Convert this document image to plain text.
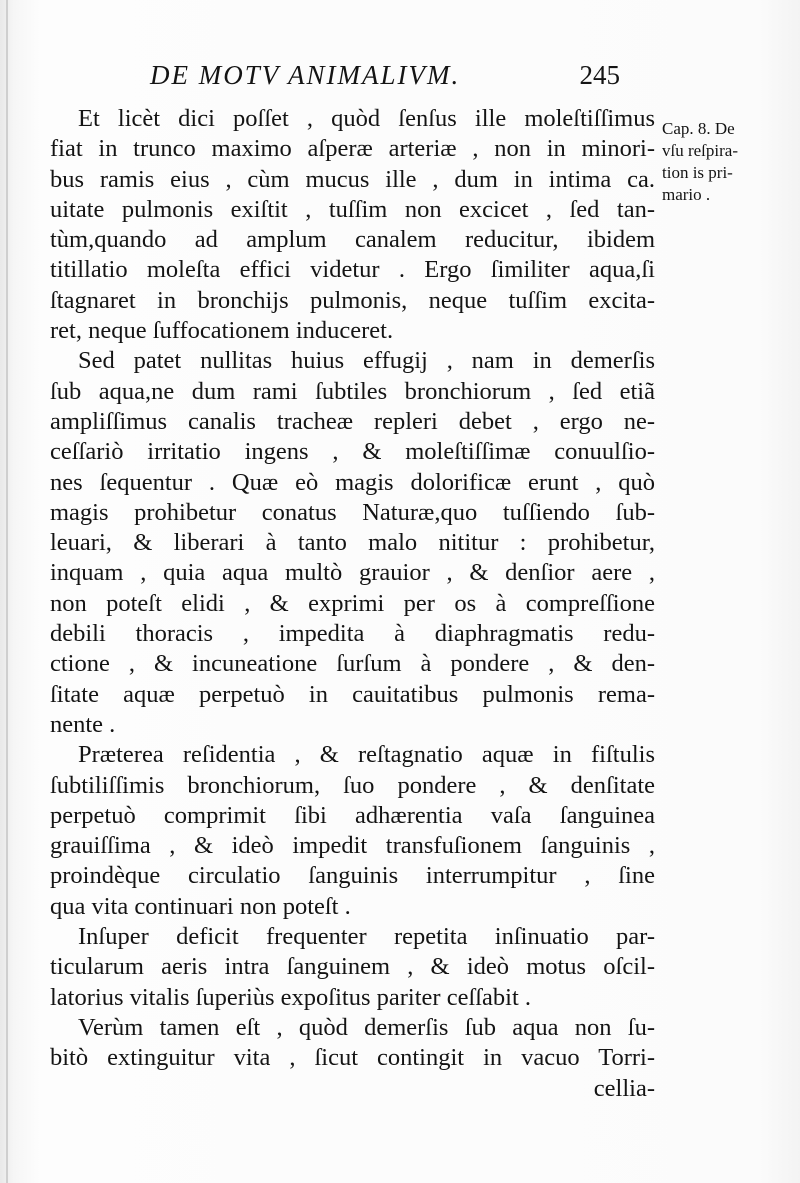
DE MOTV ANIMALIVM.	245
Cap. 8. De
vſu reſpira-
tion is pri-
mario .
Et licèt dici poſſet , quòd ſenſus ille moleſtiſſimus
fiat in trunco maximo aſperæ arteriæ , non in minori-
bus ramis eius , cùm mucus ille , dum in intima ca.
uitate pulmonis exiſtit , tuſſim non excicet , ſed tan-
tùm,quando ad amplum canalem reducitur, ibidem
titillatio moleſta effici videtur . Ergo ſimiliter aqua,ſi
ſtagnaret in bronchijs pulmonis, neque tuſſim excita-
ret, neque ſuffocationem induceret.
Sed patet nullitas huius effugij , nam in demerſis
ſub aqua,ne dum rami ſubtiles bronchiorum , ſed etiã
ampliſſimus canalis tracheæ repleri debet , ergo ne-
ceſſariò irritatio ingens , & moleſtiſſimæ conuulſio-
nes ſequentur . Quæ eò magis dolorificæ erunt , quò
magis prohibetur conatus Naturæ,quo tuſſiendo ſub-
leuari, & liberari à tanto malo nititur : prohibetur,
inquam , quia aqua multò grauior , & denſior aere ,
non poteſt elidi , & exprimi per os à compreſſione
debili thoracis , impedita à diaphragmatis redu-
ctione , & incuneatione ſurſum à pondere , & den-
ſitate aquæ perpetuò in cauitatibus pulmonis rema-
nente .
Præterea reſidentia , & reſtagnatio aquæ in fiſtulis
ſubtiliſſimis bronchiorum, ſuo pondere , & denſitate
perpetuò comprimit ſibi adhærentia vaſa ſanguinea
grauiſſima , & ideò impedit transfuſionem ſanguinis ,
proindèque circulatio ſanguinis interrumpitur , ſine
qua vita continuari non poteſt .
Inſuper deficit frequenter repetita inſinuatio par-
ticularum aeris intra ſanguinem , & ideò motus oſcil-
latorius vitalis ſuperiùs expoſitus pariter ceſſabit .
Verùm tamen eſt , quòd demerſis ſub aqua non ſu-
bitò extinguitur vita , ſicut contingit in vacuo Torri-
cellia-
